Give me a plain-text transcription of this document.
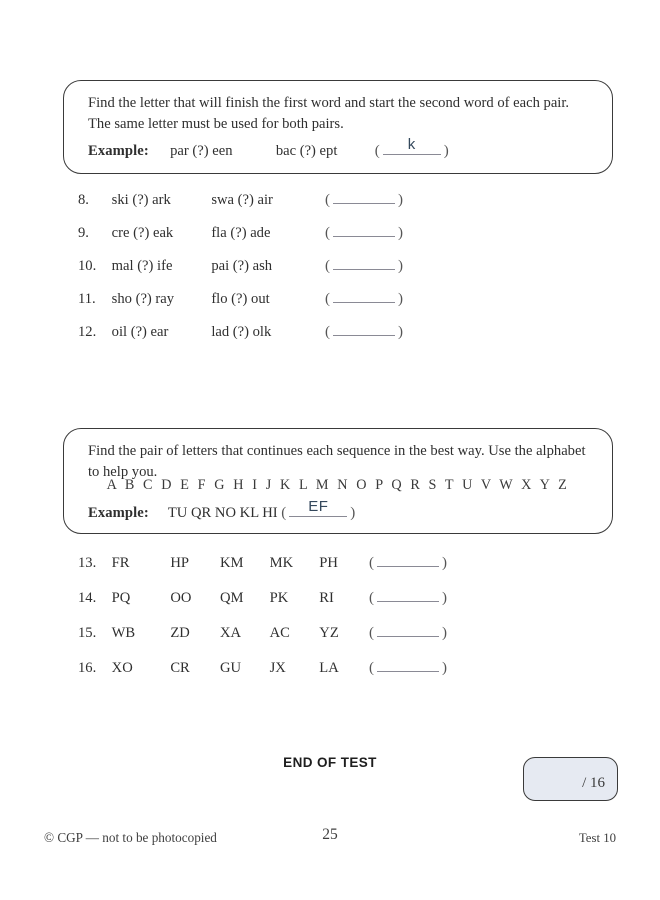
Find the letter that will finish the first word and start the second word of each pair. The same letter must be used for both pairs.
Example: par (?) een	bac (?) ept (	k	)
8. ski (?) ark	swa (?) air	(	)
9. cre (?) eak	fla (?) ade	(	)
10. mal (?) ife	pai (?) ash	(	)
11. sho (?) ray	flo (?) out	(	)
12. oil (?) ear	lad (?) olk	(	)
Find the pair of letters that continues each sequence in the best way. Use the alphabet to help you.
A B C D E F G H I J K L M N O P Q R S T U V W X Y Z
Example: TU QR NO KL HI (	EF	)
13. FR	HP KM MK PH (	)
14. PQ	OO QM PK RI (	)
15. WB ZD XA AC YZ (	)
16. XO	CR GU JX LA (	)
END OF TEST
/ 16
© CGP — not to be photocopied	25	Test 10
